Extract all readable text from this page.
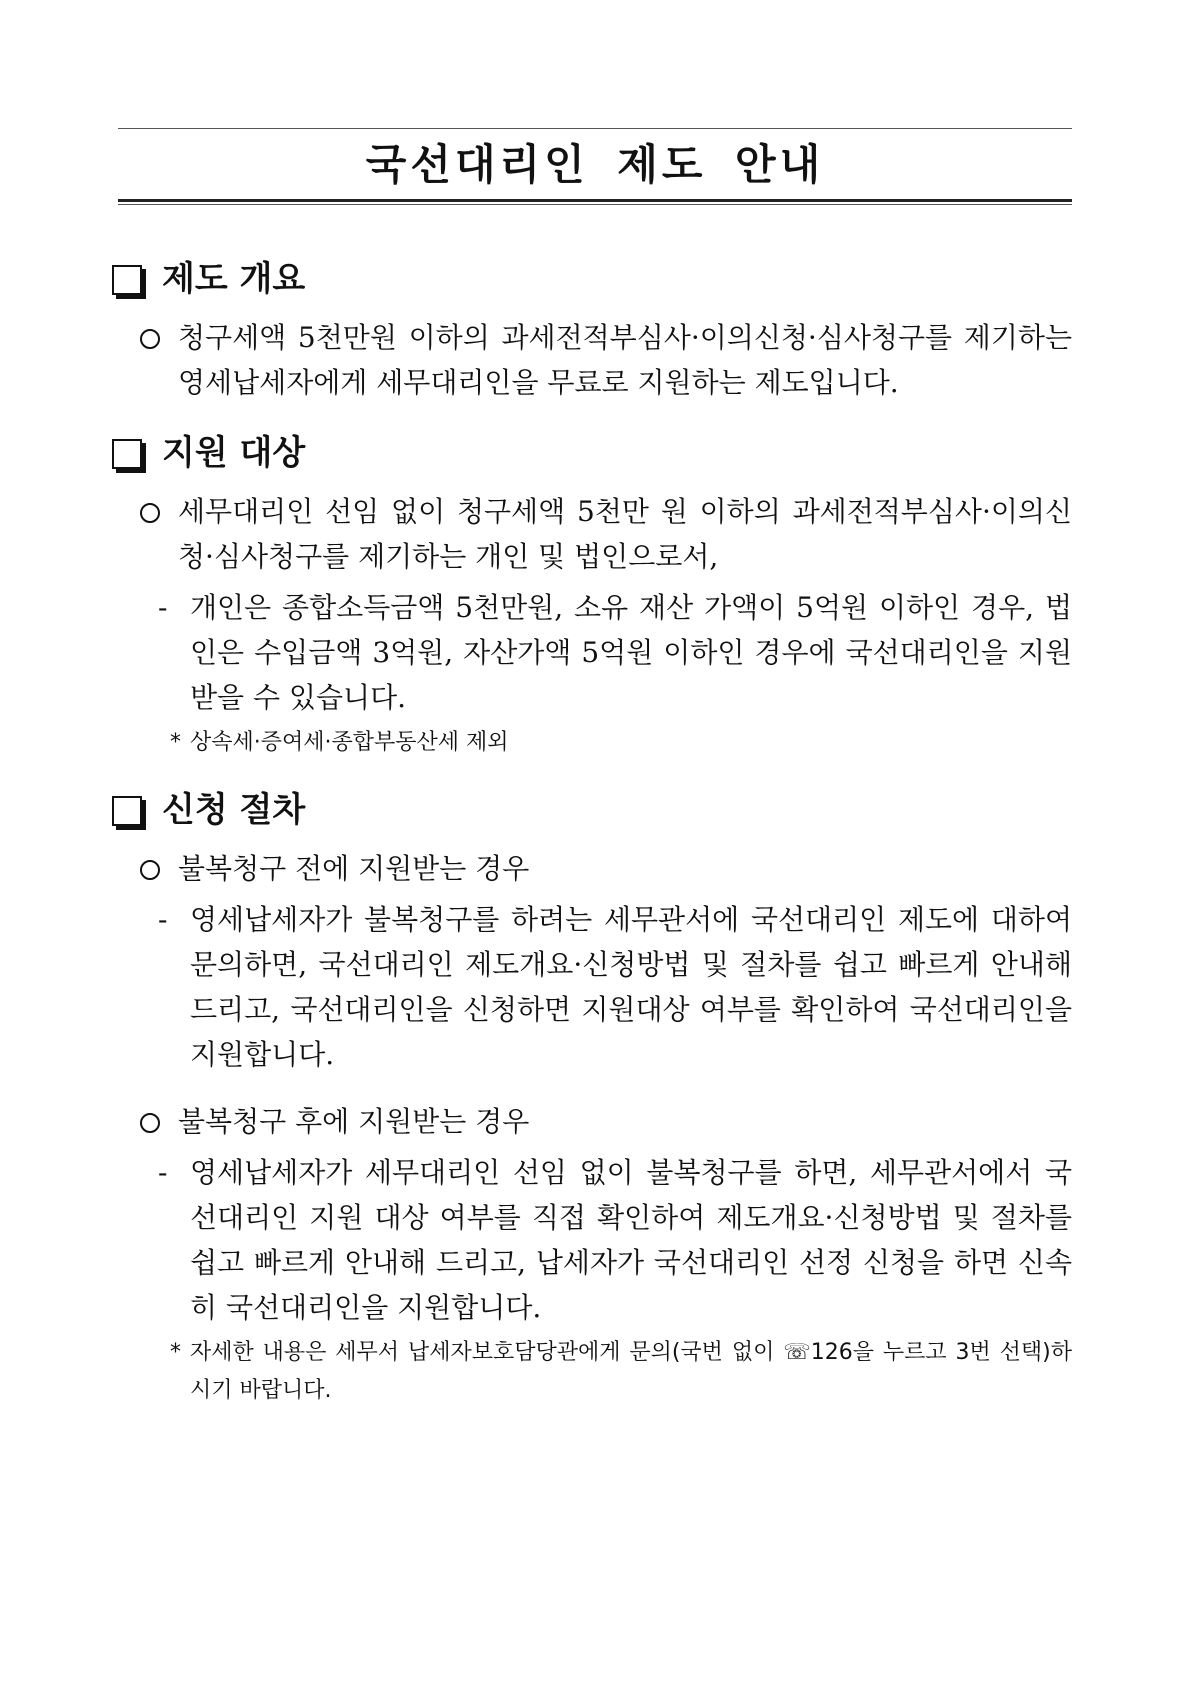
국선대리인 제도 안내
제도 개요
청구세액 5천만원 이하의 과세전적부심사·이의신청·심사청구를 제기하는 영세납세자에게 세무대리인을 무료로 지원하는 제도입니다.
지원 대상
세무대리인 선임 없이 청구세액 5천만 원 이하의 과세전적부심사·이의신청·심사청구를 제기하는 개인 및 법인으로서,
- 개인은 종합소득금액 5천만원, 소유 재산 가액이 5억원 이하인 경우, 법인은 수입금액 3억원, 자산가액 5억원 이하인 경우에 국선대리인을 지원받을 수 있습니다.
* 상속세·증여세·종합부동산세 제외
신청 절차
불복청구 전에 지원받는 경우
- 영세납세자가 불복청구를 하려는 세무관서에 국선대리인 제도에 대하여 문의하면, 국선대리인 제도개요·신청방법 및 절차를 쉽고 빠르게 안내해 드리고, 국선대리인을 신청하면 지원대상 여부를 확인하여 국선대리인을 지원합니다.
불복청구 후에 지원받는 경우
- 영세납세자가 세무대리인 선임 없이 불복청구를 하면, 세무관서에서 국선대리인 지원 대상 여부를 직접 확인하여 제도개요·신청방법 및 절차를 쉽고 빠르게 안내해 드리고, 납세자가 국선대리인 선정 신청을 하면 신속히 국선대리인을 지원합니다.
* 자세한 내용은 세무서 납세자보호담당관에게 문의(국번 없이 ☏126을 누르고 3번 선택)하시기 바랍니다.
